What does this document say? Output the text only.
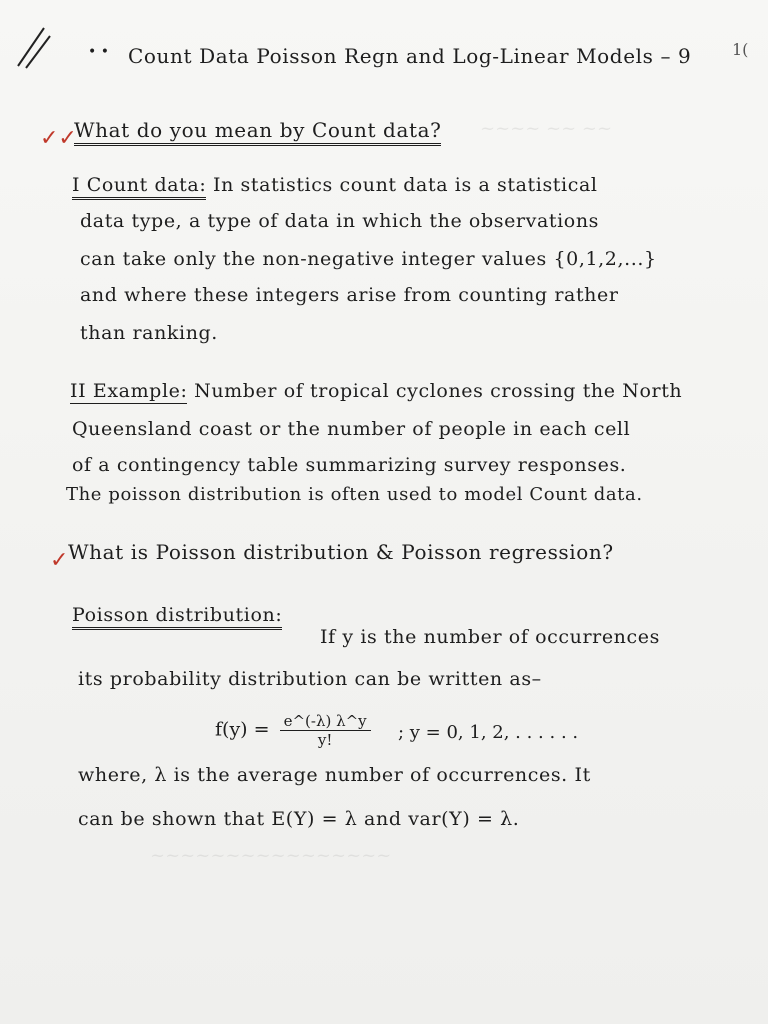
• • Count Data Poisson Regn and Log-Linear Models – 9	1(
~~~~ ~~ ~~
~~~~~~~~~~~~~~~~
✓✓
What do you mean by Count data?
I Count data: In statistics count data is a statistical
data type, a type of data in which the observations
can take only the non-negative integer values {0,1,2,...}
and where these integers arise from counting rather
than ranking.
II Example: Number of tropical cyclones crossing the North
Queensland coast or the number of people in each cell
of a contingency table summarizing survey responses.
The poisson distribution is often used to model Count data.
✓ What is Poisson distribution & Poisson regression?
Poisson distribution:
If y is the number of occurrences
its probability distribution can be written as–
$f(y) = \frac{e\^{}(-\lambda) \lambda\^{}y}{y!}$ ; y = 0, 1, 2, . . . . . .
where, λ is the average number of occurrences. It
can be shown that E(Y) = λ and var(Y) = λ.
